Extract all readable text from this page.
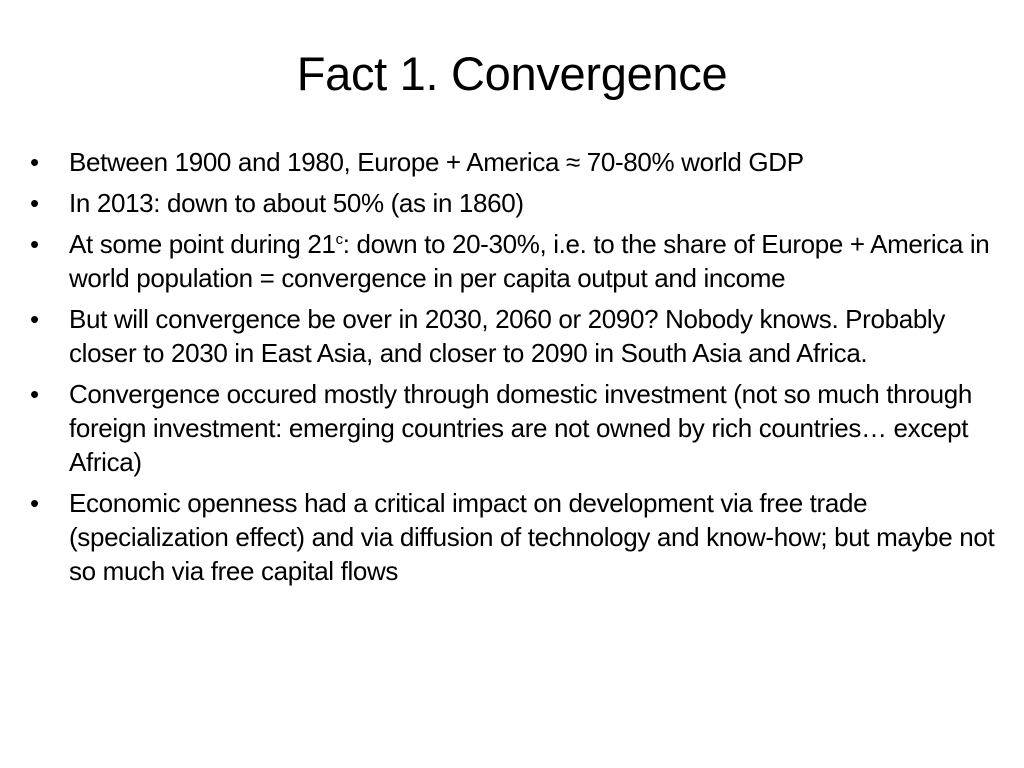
Fact 1. Convergence
•	Between 1900 and 1980, Europe + America ≈ 70-80% world GDP
•	In 2013: down to about 50% (as in 1860)
•	At some point during 21$^c$: down to 20-30%, i.e. to the share of Europe + America in world population = convergence in per capita output and income
•	But will convergence be over in 2030, 2060 or 2090? Nobody knows. Probably closer to 2030 in East Asia, and closer to 2090 in South Asia and Africa.
•	Convergence occured mostly through domestic investment (not so much through foreign investment: emerging countries are not owned by rich countries… except Africa)
•	Economic openness had a critical impact on development via free trade (specialization effect) and via diffusion of technology and know-how; but maybe not so much via free capital flows
